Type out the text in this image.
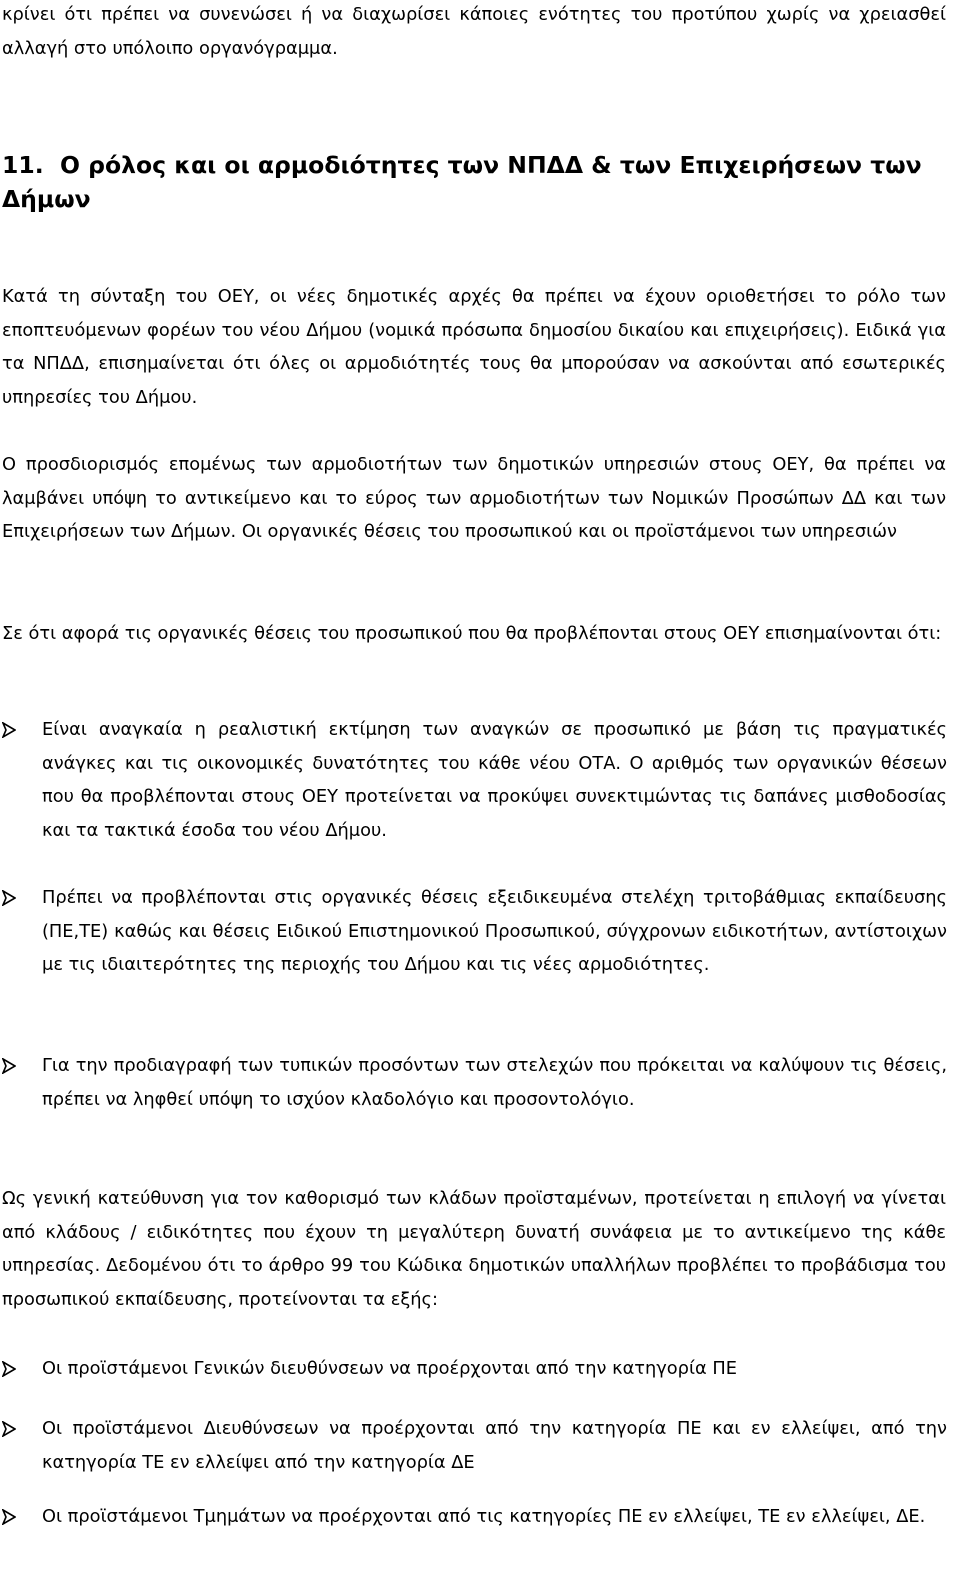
κρίνει ότι πρέπει να συνενώσει ή να διαχωρίσει κάποιες ενότητες του προτύπου χωρίς να χρειασθεί αλλαγή στο υπόλοιπο οργανόγραμμα.

11. Ο ρόλος και οι αρμοδιότητες των ΝΠΔΔ & των Επιχειρήσεων των Δήμων

Κατά τη σύνταξη του ΟΕΥ, οι νέες δημοτικές αρχές θα πρέπει να έχουν οριοθετήσει το ρόλο των εποπτευόμενων φορέων του νέου Δήμου (νομικά πρόσωπα δημοσίου δικαίου και επιχειρήσεις). Ειδικά για τα ΝΠΔΔ, επισημαίνεται ότι όλες οι αρμοδιότητές τους θα μπορούσαν να ασκούνται από εσωτερικές υπηρεσίες του Δήμου.

Ο προσδιορισμός επομένως των αρμοδιοτήτων των δημοτικών υπηρεσιών στους ΟΕΥ, θα πρέπει να λαμβάνει υπόψη το αντικείμενο και το εύρος των αρμοδιοτήτων των Νομικών Προσώπων ΔΔ και των Επιχειρήσεων των Δήμων. Οι οργανικές θέσεις του προσωπικού και οι προϊστάμενοι των υπηρεσιών

Σε ότι αφορά τις οργανικές θέσεις του προσωπικού που θα προβλέπονται στους ΟΕΥ επισημαίνονται ότι:

Είναι αναγκαία η ρεαλιστική εκτίμηση των αναγκών σε προσωπικό με βάση τις πραγματικές ανάγκες και τις οικονομικές δυνατότητες του κάθε νέου ΟΤΑ. Ο αριθμός των οργανικών θέσεων που θα προβλέπονται στους ΟΕΥ προτείνεται να προκύψει συνεκτιμώντας τις δαπάνες μισθοδοσίας και τα τακτικά έσοδα του νέου Δήμου.

Πρέπει να προβλέπονται στις οργανικές θέσεις εξειδικευμένα στελέχη τριτοβάθμιας εκπαίδευσης (ΠΕ,ΤΕ) καθώς και θέσεις Ειδικού Επιστημονικού Προσωπικού, σύγχρονων ειδικοτήτων, αντίστοιχων με τις ιδιαιτερότητες της περιοχής του Δήμου και τις νέες αρμοδιότητες.

Για την προδιαγραφή των τυπικών προσόντων των στελεχών που πρόκειται να καλύψουν τις θέσεις, πρέπει να ληφθεί υπόψη το ισχύον κλαδολόγιο και προσοντολόγιο.

Ως γενική κατεύθυνση για τον καθορισμό των κλάδων προϊσταμένων, προτείνεται η επιλογή να γίνεται από κλάδους / ειδικότητες που έχουν τη μεγαλύτερη δυνατή συνάφεια με το αντικείμενο της κάθε υπηρεσίας. Δεδομένου ότι το άρθρο 99 του Κώδικα δημοτικών υπαλλήλων προβλέπει το προβάδισμα του προσωπικού εκπαίδευσης, προτείνονται τα εξής:

Οι προϊστάμενοι Γενικών διευθύνσεων να προέρχονται από την κατηγορία ΠΕ

Οι προϊστάμενοι Διευθύνσεων να προέρχονται από την κατηγορία ΠΕ και εν ελλείψει, από την κατηγορία ΤΕ εν ελλείψει από την κατηγορία ΔΕ

Οι προϊστάμενοι Τμημάτων να προέρχονται από τις κατηγορίες ΠΕ εν ελλείψει, ΤΕ εν ελλείψει, ΔΕ.
